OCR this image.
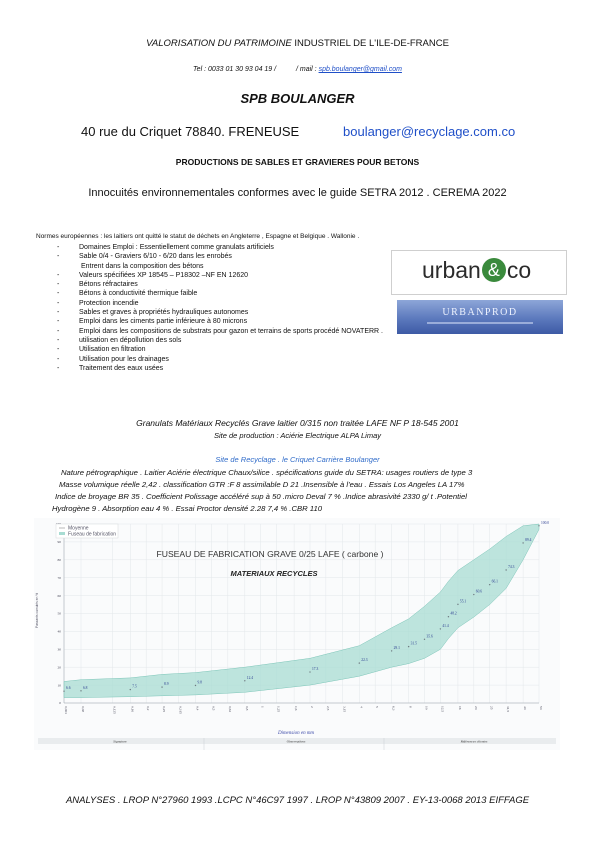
VALORISATION DU PATRIMOINE INDUSTRIEL DE L'ILE-DE-FRANCE
Tel : 0033 01 30 93 04 19 /	/ mail : spb.boulanger@gmail.com
SPB BOULANGER
40 rue du Criquet 78840. FRENEUSE	boulanger@recyclage.com.co
PRODUCTIONS DE SABLES ET GRAVIERES POUR BETONS
Innocuités environnementales conformes avec le guide SETRA 2012 . CEREMA 2022
Normes européennes : les laitiers ont quitté le statut de déchets en Angleterre , Espagne et Belgique . Wallonie .
-	Domaines Emploi : Essentiellement comme granulats artificiels
-	Sable 0/4 - Graviers 6/10 - 6/20 dans les enrobés
Entrent dans la composition des bétons
-	Valeurs spécifiées XP 18545 – P18302 –NF EN 12620
-	Bétons réfractaires
-	Bétons à conductivité thermique faible
-	Protection incendie
-	Sables et graves à propriétés hydrauliques autonomes
-	Emploi dans les ciments partie inférieure à 80 microns
-	Emploi dans les compositions de substrats pour gazon et terrains de sports procédé NOVATERR .
-	utilisation en dépollution des sols
-	Utilisation en filtration
-	Utilisation pour les drainages
-	Traitement des eaux usées
urban & co
URBANPROD
Granulats Matériaux Recyclés Grave laitier 0/315 non traitée LAFE NF P 18-545 2001
Site de production : Aciérie Electrique ALPA Limay
Site de Recyclage . le Criquet Carrière Boulanger
Nature pétrographique . Laitier Aciérie électrique Chaux/silice . spécifications guide du SETRA: usages routiers de type 3
Masse volumique réelle 2,42 . classification GTR :F 8 assimilable D 21 .Insensible à l'eau . Essais Los Angeles LA 17%
Indice de broyage BR 35 . Coefficient Polissage accéléré sup à 50 .micro Deval 7 % .Indice abrasivité 2330 g/ t .Potentiel
Hydrogène 9 . Absorption eau 4 % . Essai Proctor densité 2.28 7,4 % .CBR 110
6.6	6.8	7.5
8.9	9.8
12.4
17.3
22.3
29.1
31.5
35.6
41.4
48.2
55.1
60.6
66.1
74.3
89.4
100.0
0
10
20
30
40
50
60
70
80
90
0,063	0,08	0,125	0,16	0,2	0,25	0,315	0,4	0,5	0,63	0,8	1	1,25	1,6	2	2,5	3,15	4	5	6,3	8	10	12,5	16	20	25	31,5	40	50
Moyenne
Fuseau de fabrication
FUSEAU DE FABRICATION GRAVE 0/25 LAFE ( carbone )
MATERIAUX RECYCLES
Dimension en mm
Passants cumulés en %
Signature	Observations	Références clientes
ANALYSES . LROP N°27960 1993 .LCPC N°46C97 1997 . LROP N°43809 2007 . EY-13-0068 2013 EIFFAGE
